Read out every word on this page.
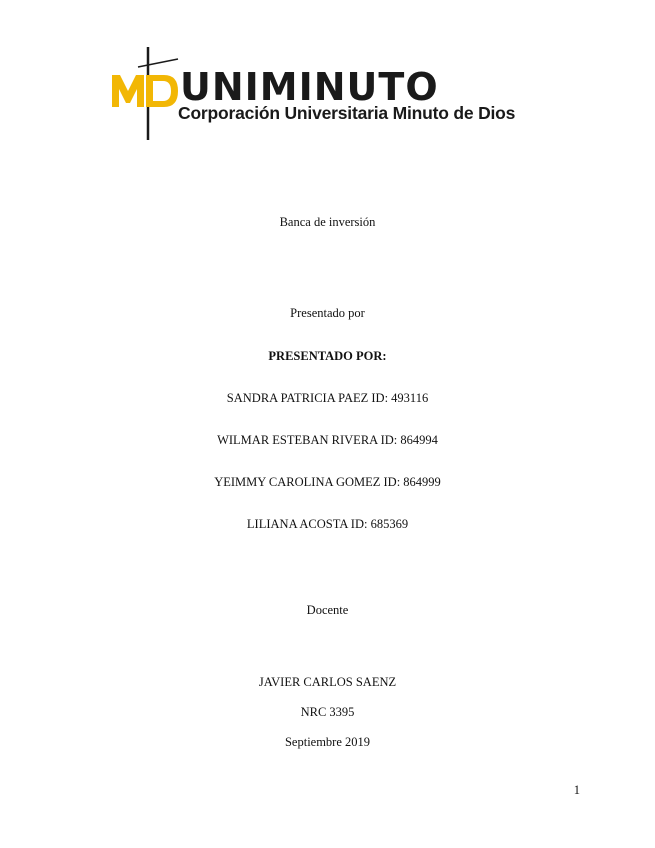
UNIMINUTO
Corporación Universitaria Minuto de Dios
Banca de inversión
Presentado por
PRESENTADO POR:
SANDRA PATRICIA PAEZ ID: 493116
WILMAR ESTEBAN RIVERA ID: 864994
YEIMMY CAROLINA GOMEZ ID: 864999
LILIANA ACOSTA ID: 685369
Docente
JAVIER CARLOS SAENZ
NRC 3395
Septiembre 2019
1
